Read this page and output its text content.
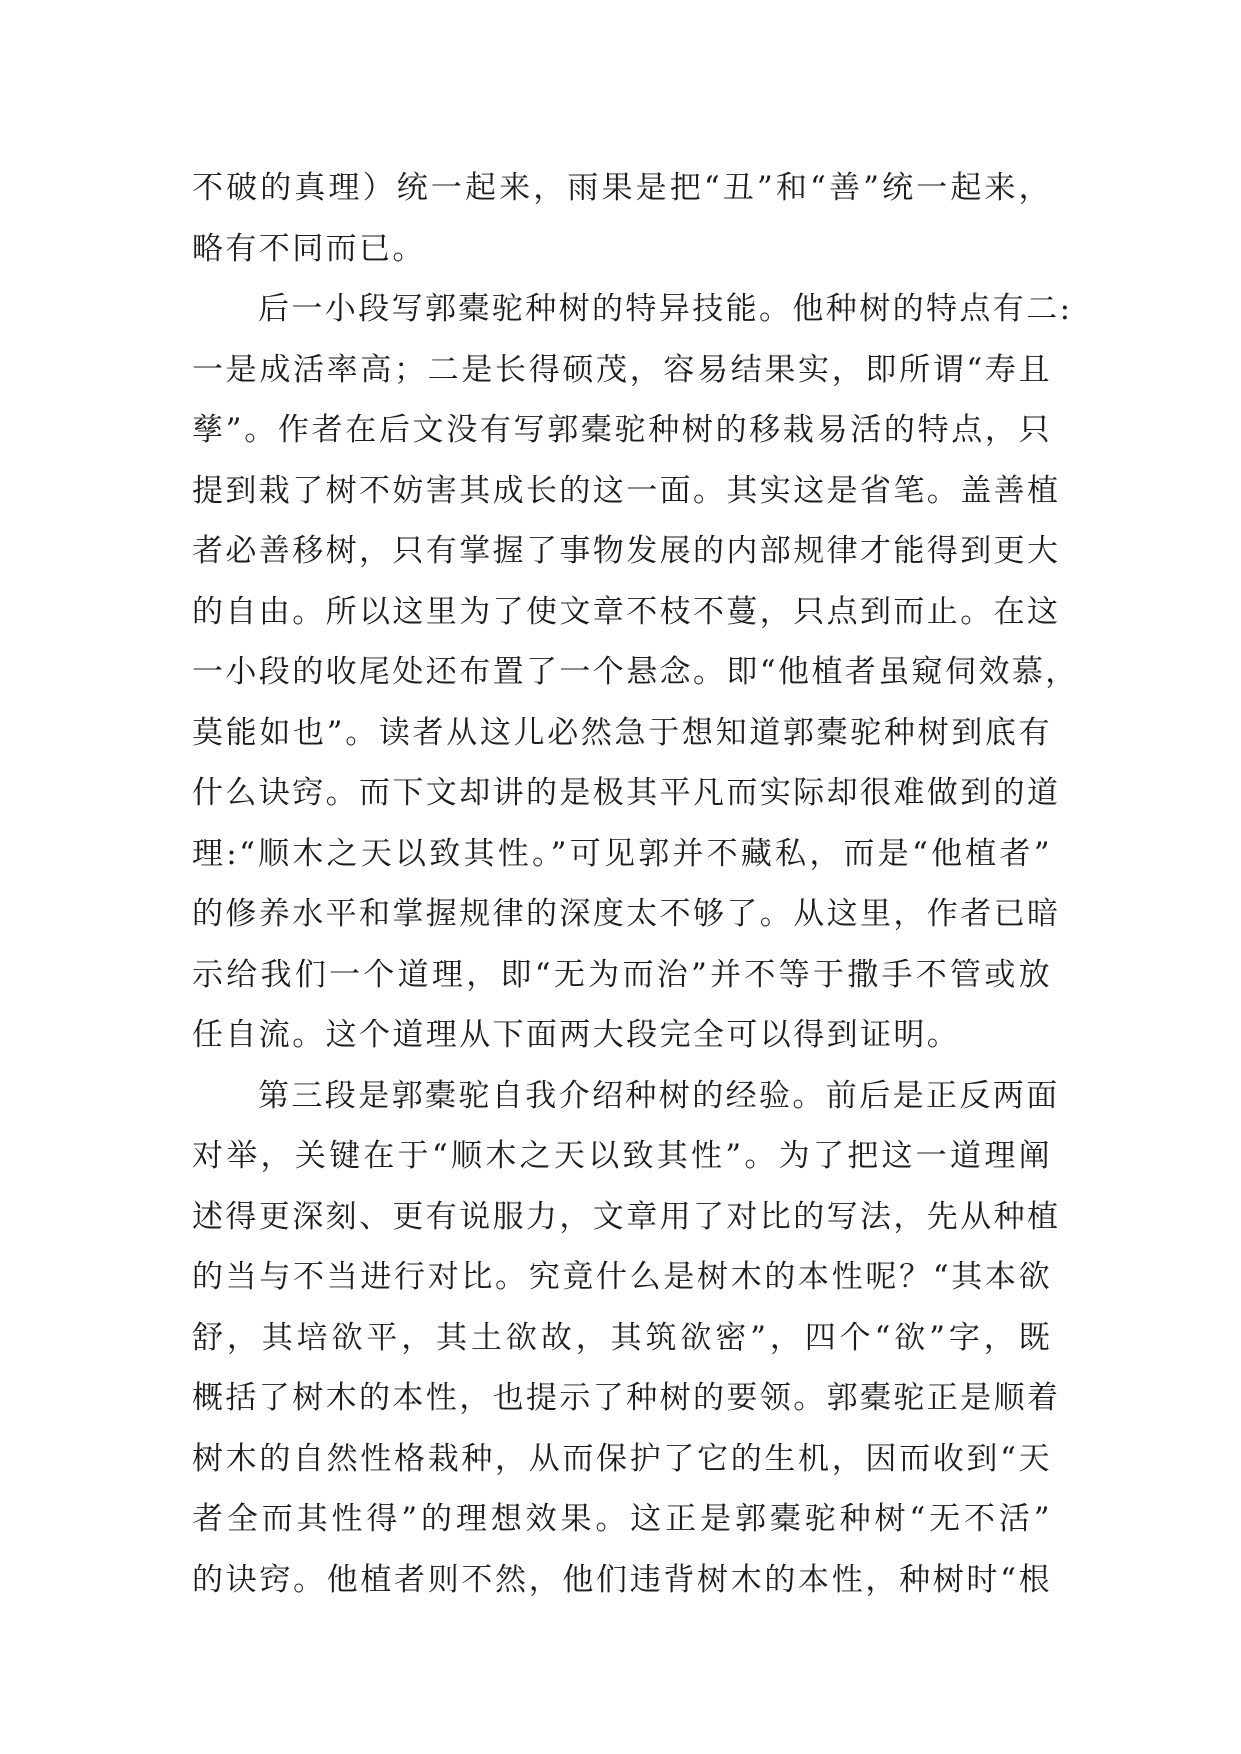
不破的真理）统一起来，雨果是把“丑”和“善”统一起来，
略有不同而已。
后一小段写郭橐驼种树的特异技能。他种树的特点有二:
一是成活率高；二是长得硕茂，容易结果实，即所谓“寿且
孳”。作者在后文没有写郭橐驼种树的移栽易活的特点，只
提到栽了树不妨害其成长的这一面。其实这是省笔。盖善植
者必善移树，只有掌握了事物发展的内部规律才能得到更大
的自由。所以这里为了使文章不枝不蔓，只点到而止。在这
一小段的收尾处还布置了一个悬念。即“他植者虽窥伺效慕，
莫能如也”。读者从这儿必然急于想知道郭橐驼种树到底有
什么诀窍。而下文却讲的是极其平凡而实际却很难做到的道
理:“顺木之天以致其性。”可见郭并不藏私，而是“他植者”
的修养水平和掌握规律的深度太不够了。从这里，作者已暗
示给我们一个道理，即“无为而治”并不等于撒手不管或放
任自流。这个道理从下面两大段完全可以得到证明。
第三段是郭橐驼自我介绍种树的经验。前后是正反两面
对举，关键在于“顺木之天以致其性”。为了把这一道理阐
述得更深刻、更有说服力，文章用了对比的写法，先从种植
的当与不当进行对比。究竟什么是树木的本性呢？“其本欲
舒，其培欲平，其土欲故，其筑欲密”，四个“欲”字，既
概括了树木的本性，也提示了种树的要领。郭橐驼正是顺着
树木的自然性格栽种，从而保护了它的生机，因而收到“天
者全而其性得”的理想效果。这正是郭橐驼种树“无不活”
的诀窍。他植者则不然，他们违背树木的本性，种树时“根
